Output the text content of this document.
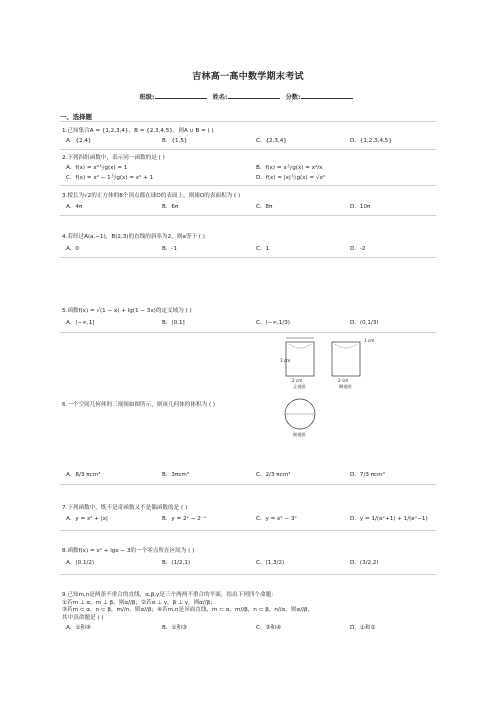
吉林高一高中数学期末考试
班级:	姓名:	分数:
一、选择题
1.已知集合A = {1,2,3,4}，B = {2,3,4,5}，则A ∪ B = ( )
A．{2,4}	B．{1,5}	C．{2,3,4}	D．{1,2,3,4,5}
2.下列四组函数中，表示同一函数的是 ( )
A．f(x) = x⁰与g(x) = 1	B．f(x) = x与g(x) = x²/x
C．f(x) = x² − 1与g(x) = x² + 1	D．f(x) = |x|与g(x) = √x²
3.棱长为√2的正方体的8个顶点都在球O的表面上，则球O的表面积为 ( )
A．4π	B．6π	C．8π	D．10π
4.若经过A(a,−1)，B(2,3)的直线的斜率为2，则a等于 ( )
A．0	B．-1	C．1	D．-2
5.函数f(x) = √(1 − x) + lg(1 − 3x)的定义域为 ( )
A．(−∞,1]	B．(0,1]	C．(−∞,1/3)	D．(0,1/3)
3 cm
2 cm
正视图
1 cm
2 cm
侧视图
俯视图
6.一个空间几何体的三视图如图所示，则该几何体的体积为 ( )
A．8/3 πcm³	B．3πcm³	C．2/3 πcm³	D．7/3 πcm³
7.下列函数中，既不是奇函数又不是偶函数的是 ( )
A．y = x² + |x|	B．y = 2ˣ − 2⁻ˣ	C．y = x² − 3ˣ	D．y = 1/(eˣ+1) + 1/(eˣ−1)
8.函数f(x) = x² + lgx − 3的一个零点所在区间为 ( )
A．(0,1/2)	B．(1/2,1)	C．(1,3/2)	D．(3/2,2)
9.已知m,n是两条不重合的直线，α,β,γ是三个两两不重合的平面，给出下列四个命题：
①若m ⊥ α，m ⊥ β，则α//β；②若α ⊥ γ，β ⊥ γ，则α//β；
③若m ⊂ α，n ⊂ β，m//n，则α//β；④若m,n是异面直线，m ⊂ α，m//β，n ⊂ β，n//α，则α//β，
其中真命题是 ( )
A．①和④	B．①和③	C．③和④	D．①和②
